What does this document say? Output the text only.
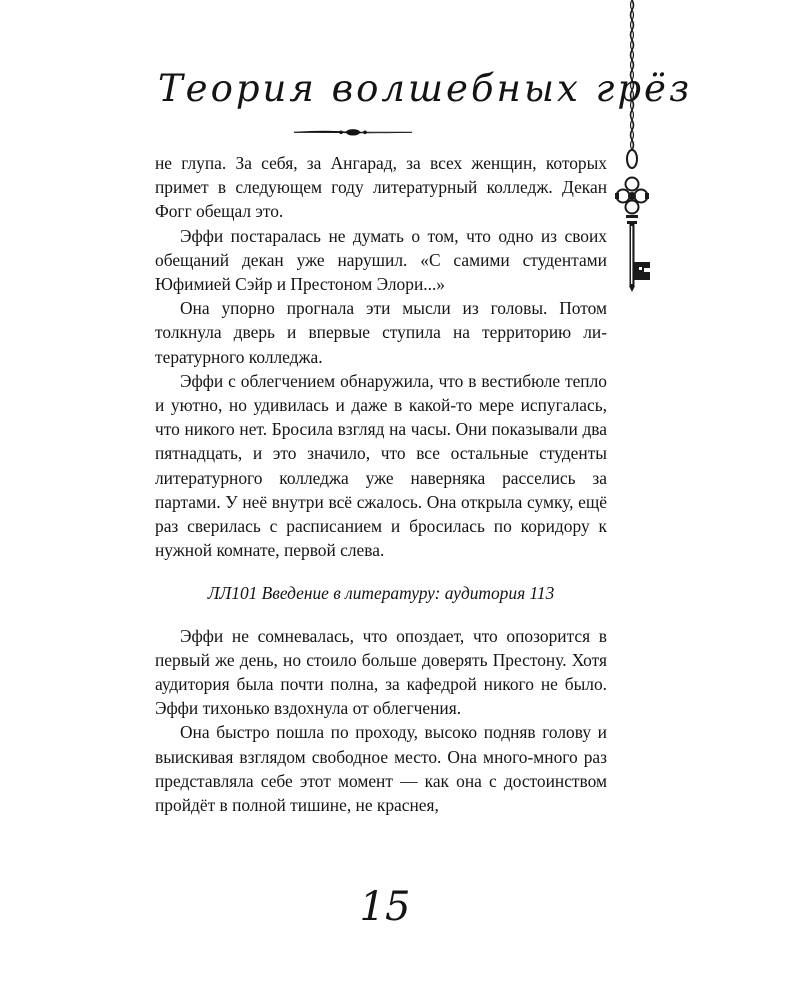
Теория волшебных грёз

не глупа. За себя, за Ангарад, за всех женщин, которых примет в следующем году литературный колледж. Декан Фогг обещал это.

Эффи постаралась не думать о том, что одно из своих обещаний декан уже нарушил. «С самими студентами Юфимией Сэйр и Престоном Элори...»

Она упорно прогнала эти мысли из головы. Потом толкнула дверь и впервые ступила на территорию литературного колледжа.

Эффи с облегчением обнаружила, что в вестибюле тепло и уютно, но удивилась и даже в какой-то мере испугалась, что никого нет. Бросила взгляд на часы. Они показывали два пятнадцать, и это значило, что все остальные студенты литературного колледжа уже наверняка расселись за партами. У неё внутри всё сжалось. Она открыла сумку, ещё раз сверилась с расписанием и бросилась по коридору к нужной комнате, первой слева.

ЛЛ101 Введение в литературу: аудитория 113

Эффи не сомневалась, что опоздает, что опозорится в первый же день, но стоило больше доверять Престону. Хотя аудитория была почти полна, за кафедрой никого не было. Эффи тихонько вздохнула от облегчения.

Она быстро пошла по проходу, высоко подняв голову и выискивая взглядом свободное место. Она много-много раз представляла себе этот момент — как она с достоинством пройдёт в полной тишине, не краснея,

15
